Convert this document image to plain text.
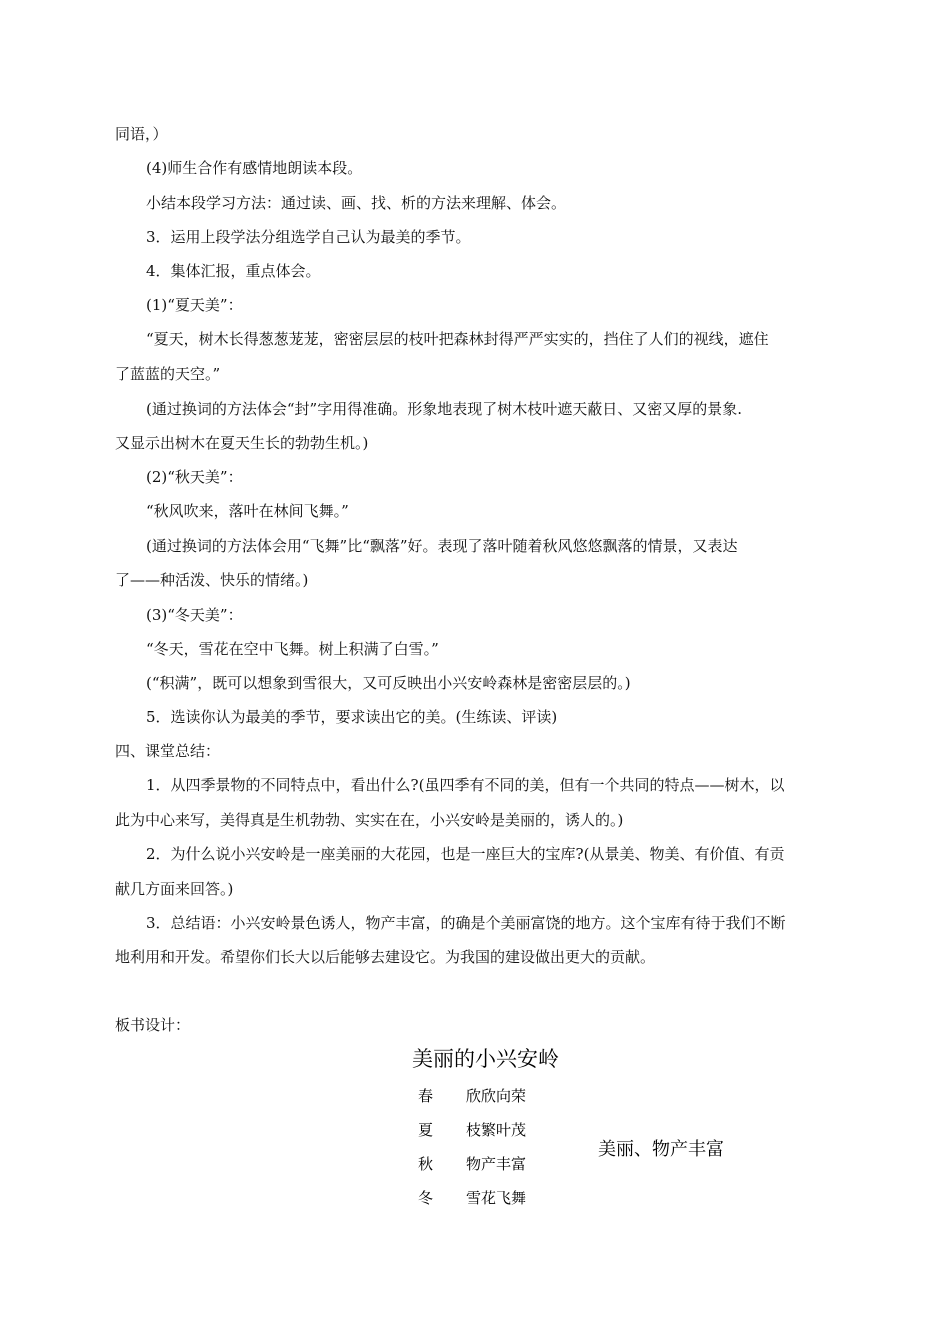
同语，）
(4)师生合作有感情地朗读本段。
小结本段学习方法：通过读、画、找、析的方法来理解、体会。
3．运用上段学法分组选学自己认为最美的季节。
4．集体汇报，重点体会。
(1)“夏天美”：
“夏天，树木长得葱葱茏茏，密密层层的枝叶把森林封得严严实实的，挡住了人们的视线，遮住
了蓝蓝的天空。”
(通过换词的方法体会“封”字用得准确。形象地表现了树木枝叶遮天蔽日、又密又厚的景象.
又显示出树木在夏天生长的勃勃生机。)
(2)“秋天美”：
“秋风吹来，落叶在林间飞舞。”
(通过换词的方法体会用“飞舞”比“飘落”好。表现了落叶随着秋风悠悠飘落的情景，又表达
了——种活泼、快乐的情绪。)
(3)“冬天美”：
“冬天，雪花在空中飞舞。树上积满了白雪。”
(“积满”，既可以想象到雪很大，又可反映出小兴安岭森林是密密层层的。)
5．选读你认为最美的季节，要求读出它的美。(生练读、评读)
四、课堂总结：
1．从四季景物的不同特点中，看出什么?(虽四季有不同的美，但有一个共同的特点——树木，以
此为中心来写，美得真是生机勃勃、实实在在，小兴安岭是美丽的，诱人的。)
2．为什么说小兴安岭是一座美丽的大花园，也是一座巨大的宝库?(从景美、物美、有价值、有贡
献几方面来回答。)
3．总结语：小兴安岭景色诱人，物产丰富，的确是个美丽富饶的地方。这个宝库有待于我们不断
地利用和开发。希望你们长大以后能够去建设它。为我国的建设做出更大的贡献。
板书设计：
美丽的小兴安岭
春 欣欣向荣
夏 枝繁叶茂
秋 物产丰富
冬 雪花飞舞
美丽、物产丰富
